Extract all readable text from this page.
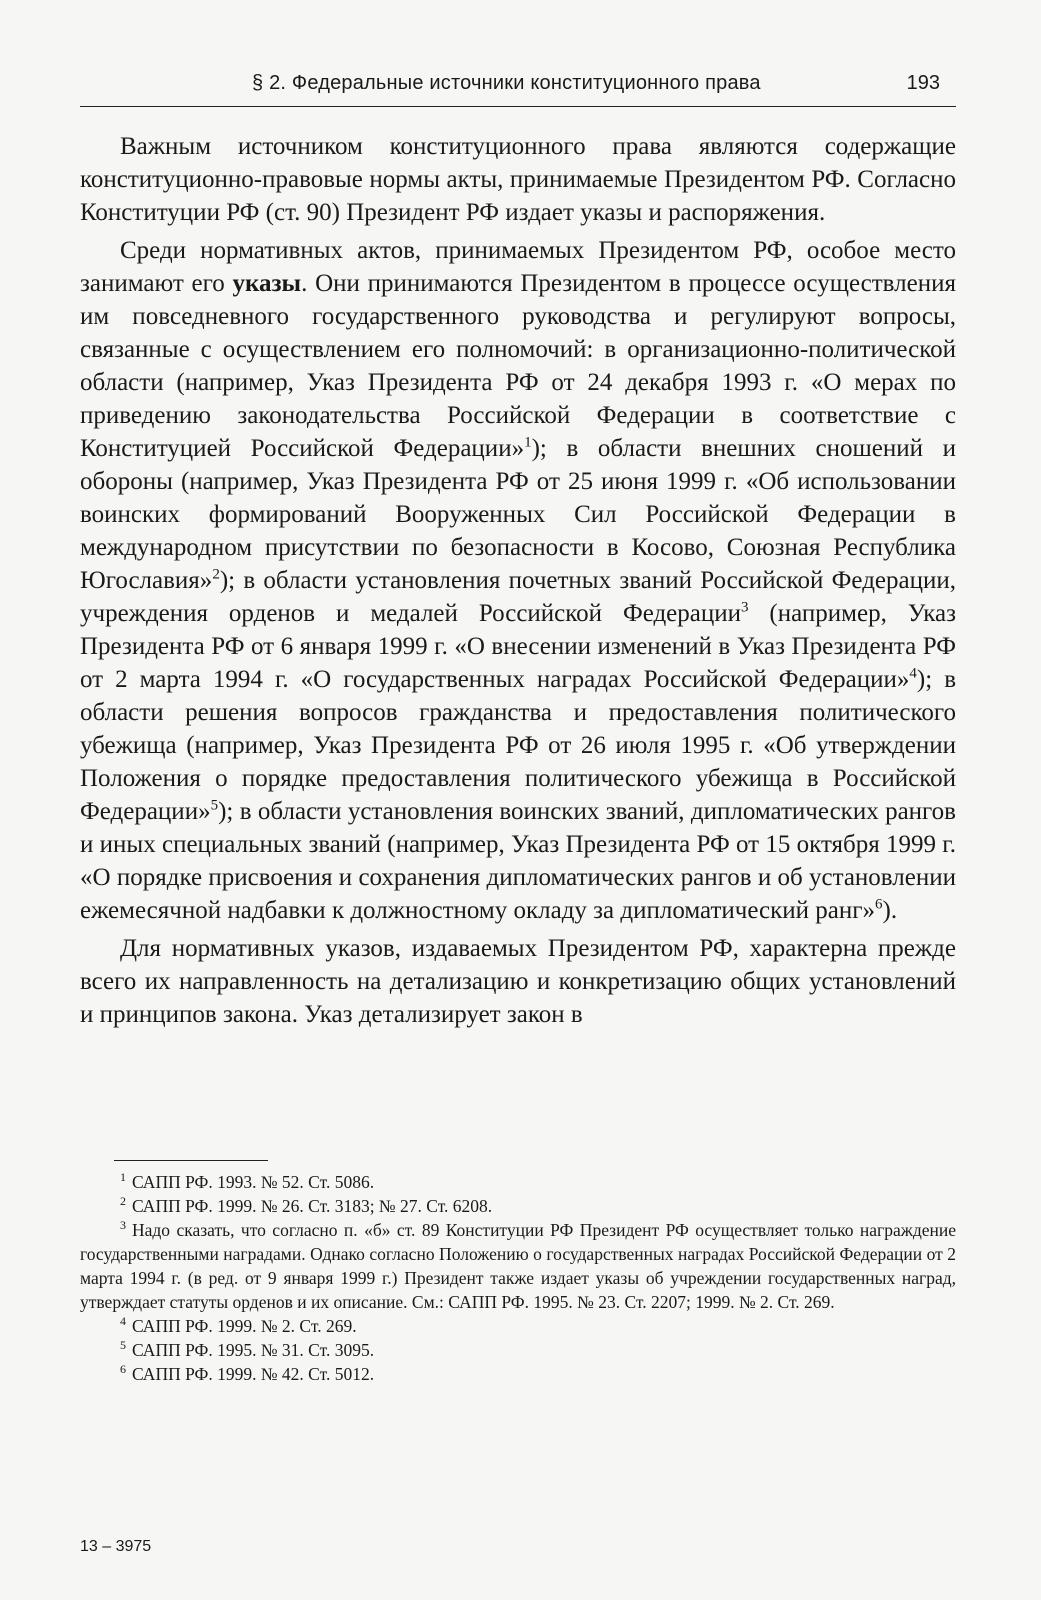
§ 2. Федеральные источники конституционного права	193

Важным источником конституционного права являются содержащие конституционно-правовые нормы акты, принимаемые Президентом РФ. Согласно Конституции РФ (ст. 90) Президент РФ издает указы и распоряжения.

Среди нормативных актов, принимаемых Президентом РФ, особое место занимают его указы. Они принимаются Президентом в процессе осуществления им повседневного государственного руководства и регулируют вопросы, связанные с осуществлением его полномочий: в организационно-политической области (например, Указ Президента РФ от 24 декабря 1993 г. «О мерах по приведению законодательства Российской Федерации в соответствие с Конституцией Российской Федерации»$^1$); в области внешних сношений и обороны (например, Указ Президента РФ от 25 июня 1999 г. «Об использовании воинских формирований Вооруженных Сил Российской Федерации в международном присутствии по безопасности в Косово, Союзная Республика Югославия»$^2$); в области установления почетных званий Российской Федерации, учреждения орденов и медалей Российской Федерации$^3$ (например, Указ Президента РФ от 6 января 1999 г. «О внесении изменений в Указ Президента РФ от 2 марта 1994 г. «О государственных наградах Российской Федерации»$^4$); в области решения вопросов гражданства и предоставления политического убежища (например, Указ Президента РФ от 26 июля 1995 г. «Об утверждении Положения о порядке предоставления политического убежища в Российской Федерации»$^5$); в области установления воинских званий, дипломатических рангов и иных специальных званий (например, Указ Президента РФ от 15 октября 1999 г. «О порядке присвоения и сохранения дипломатических рангов и об установлении ежемесячной надбавки к должностному окладу за дипломатический ранг»$^6$).

Для нормативных указов, издаваемых Президентом РФ, характерна прежде всего их направленность на детализацию и конкретизацию общих установлений и принципов закона. Указ детализирует закон в

$^1$ САПП РФ. 1993. № 52. Ст. 5086.

$^2$ САПП РФ. 1999. № 26. Ст. 3183; № 27. Ст. 6208.

$^3$ Надо сказать, что согласно п. «б» ст. 89 Конституции РФ Президент РФ осуществляет только награждение государственными наградами. Однако согласно Положению о государственных наградах Российской Федерации от 2 марта 1994 г. (в ред. от 9 января 1999 г.) Президент также издает указы об учреждении государственных наград, утверждает статуты орденов и их описание. См.: САПП РФ. 1995. № 23. Ст. 2207; 1999. № 2. Ст. 269.

$^4$ САПП РФ. 1999. № 2. Ст. 269.

$^5$ САПП РФ. 1995. № 31. Ст. 3095.

$^6$ САПП РФ. 1999. № 42. Ст. 5012.

13 – 3975
